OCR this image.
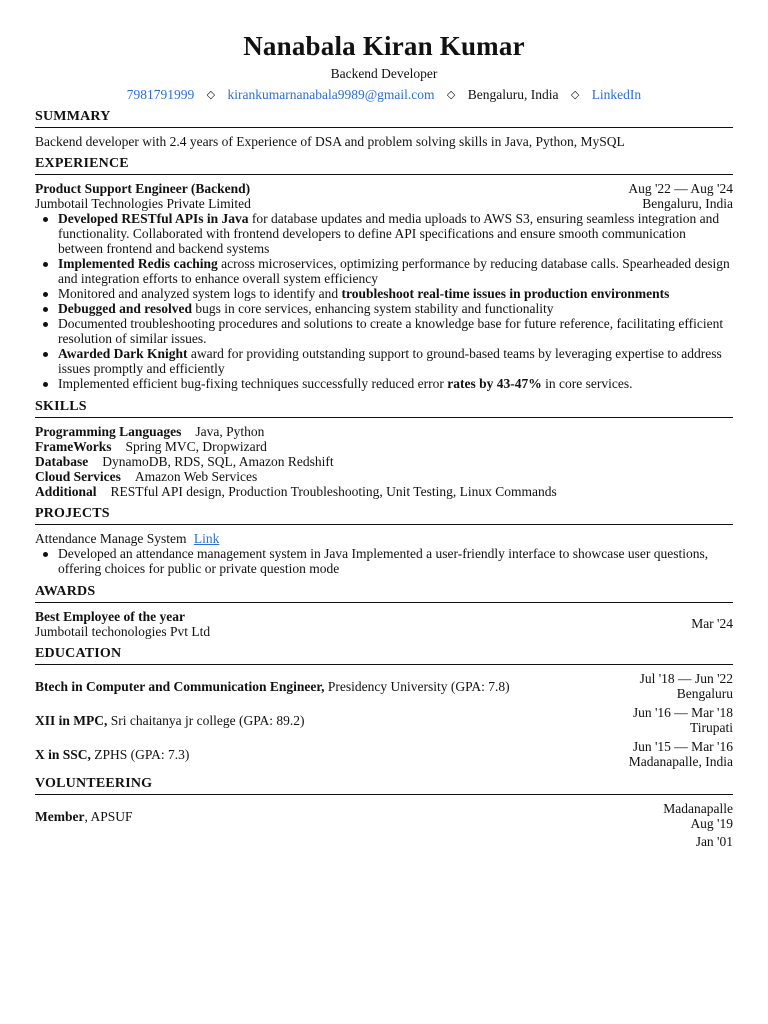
Nanabala Kiran Kumar
Backend Developer
7981791999 ◇ kirankumarnanabala9989@gmail.com ◇ Bengaluru, India ◇ LinkedIn
SUMMARY
Backend developer with 2.4 years of Experience of DSA and problem solving skills in Java, Python, MySQL
EXPERIENCE
Product Support Engineer (Backend)	Aug '22 — Aug '24
Jumbotail Technologies Private Limited	Bengaluru, India
Developed RESTful APIs in Java for database updates and media uploads to AWS S3, ensuring seamless integration and functionality. Collaborated with frontend developers to define API specifications and ensure smooth communication between frontend and backend systems
Implemented Redis caching across microservices, optimizing performance by reducing database calls. Spearheaded design and integration efforts to enhance overall system efficiency
Monitored and analyzed system logs to identify and troubleshoot real-time issues in production environments
Debugged and resolved bugs in core services, enhancing system stability and functionality
Documented troubleshooting procedures and solutions to create a knowledge base for future reference, facilitating efficient resolution of similar issues.
Awarded Dark Knight award for providing outstanding support to ground-based teams by leveraging expertise to address issues promptly and efficiently
Implemented efficient bug-fixing techniques successfully reduced error rates by 43-47% in core services.
SKILLS
Programming Languages Java, Python
FrameWorks Spring MVC, Dropwizard
Database DynamoDB, RDS, SQL, Amazon Redshift
Cloud Services Amazon Web Services
Additional RESTful API design, Production Troubleshooting, Unit Testing, Linux Commands
PROJECTS
Attendance Manage System Link
Developed an attendance management system in Java Implemented a user-friendly interface to showcase user questions, offering choices for public or private question mode
AWARDS
Best Employee of the year
Jumbotail techonologies Pvt Ltd
Mar '24
EDUCATION
Btech in Computer and Communication Engineer, Presidency University (GPA: 7.8)
Jul '18 — Jun '22
Bengaluru
XII in MPC, Sri chaitanya jr college (GPA: 89.2)
Jun '16 — Mar '18
Tirupati
X in SSC, ZPHS (GPA: 7.3)
Jun '15 — Mar '16
Madanapalle, India
VOLUNTEERING
Member, APSUF
Madanapalle
Aug '19
Jan '01
